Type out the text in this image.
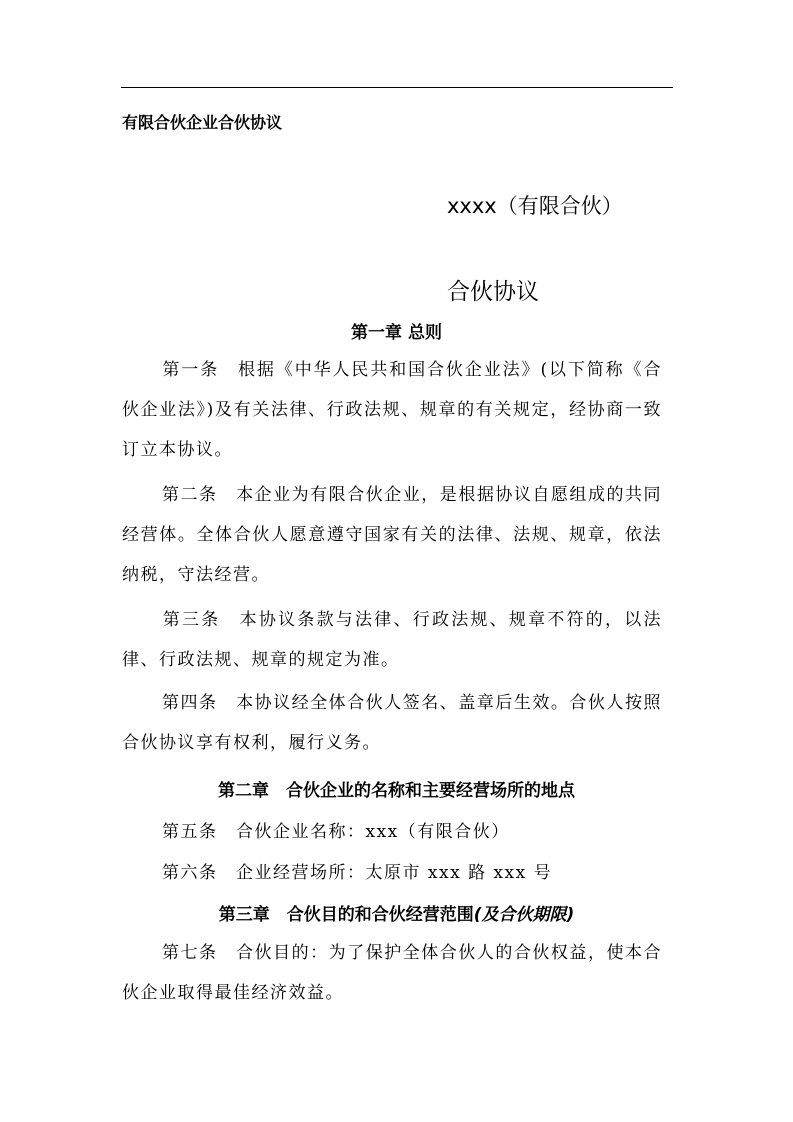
有限合伙企业合伙协议
xxxx（有限合伙）
合伙协议
第一章 总则
第一条　根据《中华人民共和国合伙企业法》(以下简称《合伙企业法》)及有关法律、行政法规、规章的有关规定，经协商一致订立本协议。
第二条　本企业为有限合伙企业，是根据协议自愿组成的共同经营体。全体合伙人愿意遵守国家有关的法律、法规、规章，依法纳税，守法经营。
第三条　本协议条款与法律、行政法规、规章不符的，以法律、行政法规、规章的规定为准。
第四条　本协议经全体合伙人签名、盖章后生效。合伙人按照合伙协议享有权利，履行义务。
第二章　合伙企业的名称和主要经营场所的地点
第五条　合伙企业名称：xxx（有限合伙）
第六条　企业经营场所：太原市 xxx 路 xxx 号
第三章　合伙目的和合伙经营范围(及合伙期限)
第七条　合伙目的：为了保护全体合伙人的合伙权益，使本合伙企业取得最佳经济效益。
